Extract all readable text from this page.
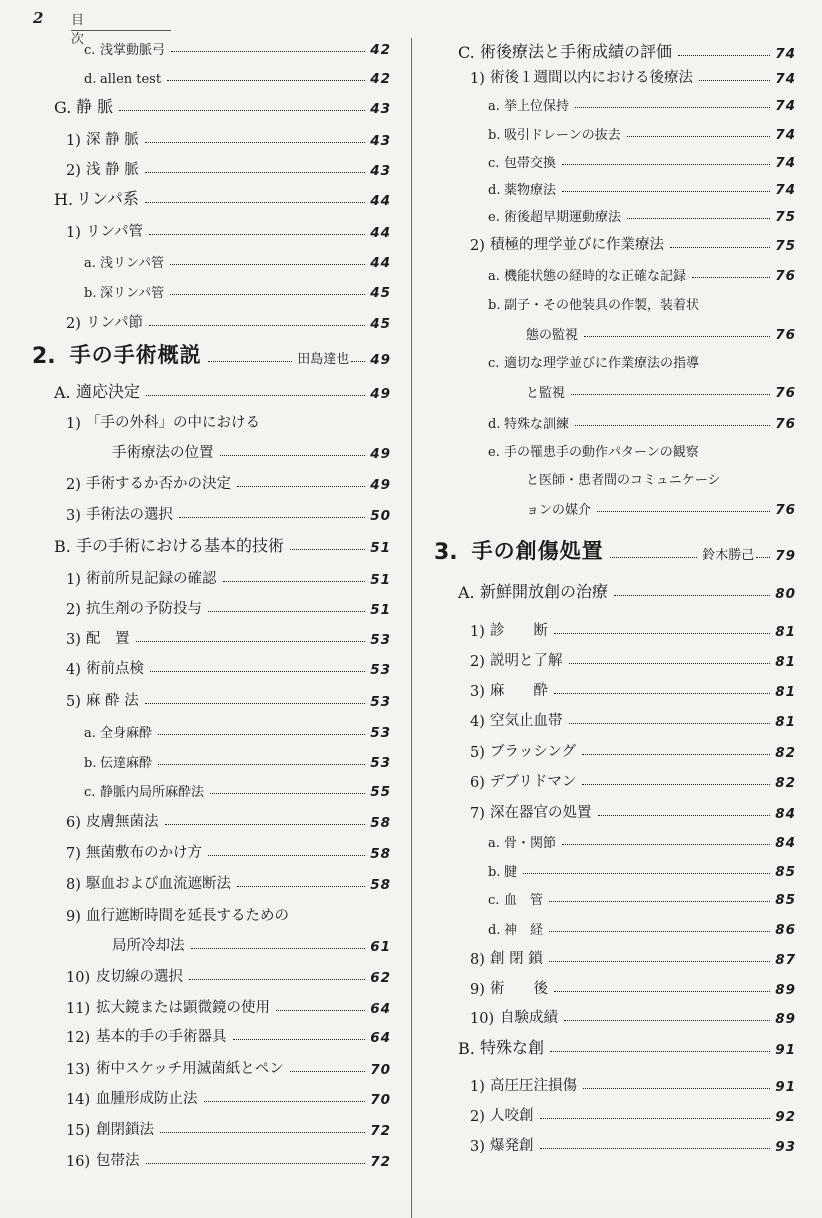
2 目 次
c. 浅掌動脈弓	42
d. allen test	42
G. 静 脈	43
1) 深 静 脈	43
2) 浅 静 脈	43
H. リンパ系	44
1) リンパ管	44
a. 浅リンパ管	44
b. 深リンパ管	45
2) リンパ節	45
2. 手の手術概説	田島達也 49
A. 適応決定	49
1) 「手の外科」の中における
手術療法の位置	49
2) 手術するか否かの決定	49
3) 手術法の選択	50
B. 手の手術における基本的技術	51
1) 術前所見記録の確認	51
2) 抗生剤の予防投与	51
3) 配　置	53
4) 術前点検	53
5) 麻 酔 法	53
a. 全身麻酔	53
b. 伝達麻酔	53
c. 静脈内局所麻酔法	55
6) 皮膚無菌法	58
7) 無菌敷布のかけ方	58
8) 駆血および血流遮断法	58
9) 血行遮断時間を延長するための
局所冷却法	61
10) 皮切線の選択	62
11) 拡大鏡または顕微鏡の使用	64
12) 基本的手の手術器具	64
13) 術中スケッチ用滅菌紙とペン	70
14) 血腫形成防止法	70
15) 創閉鎖法	72
16) 包帯法	72
C. 術後療法と手術成績の評価	74
1) 術後１週間以内における後療法	74
a. 挙上位保持	74
b. 吸引ドレーンの抜去	74
c. 包帯交換	74
d. 薬物療法	74
e. 術後超早期運動療法	75
2) 積極的理学並びに作業療法	75
a. 機能状態の経時的な正確な記録	76
b. 副子・その他装具の作製，装着状
態の監視	76
c. 適切な理学並びに作業療法の指導
と監視	76
d. 特殊な訓練	76
e. 手の罹患手の動作パターンの観察
と医師・患者間のコミュニケーシ
ョンの媒介	76
3. 手の創傷処置	鈴木勝己 79
A. 新鮮開放創の治療	80
1) 診　　断	81
2) 説明と了解	81
3) 麻　　酔	81
4) 空気止血帯	81
5) ブラッシング	82
6) デブリドマン	82
7) 深在器官の処置	84
a. 骨・関節	84
b. 腱	85
c. 血　管	85
d. 神　経	86
8) 創 閉 鎖	87
9) 術　　後	89
10) 自験成績	89
B. 特殊な創	91
1) 高圧圧注損傷	91
2) 人咬創	92
3) 爆発創	93
